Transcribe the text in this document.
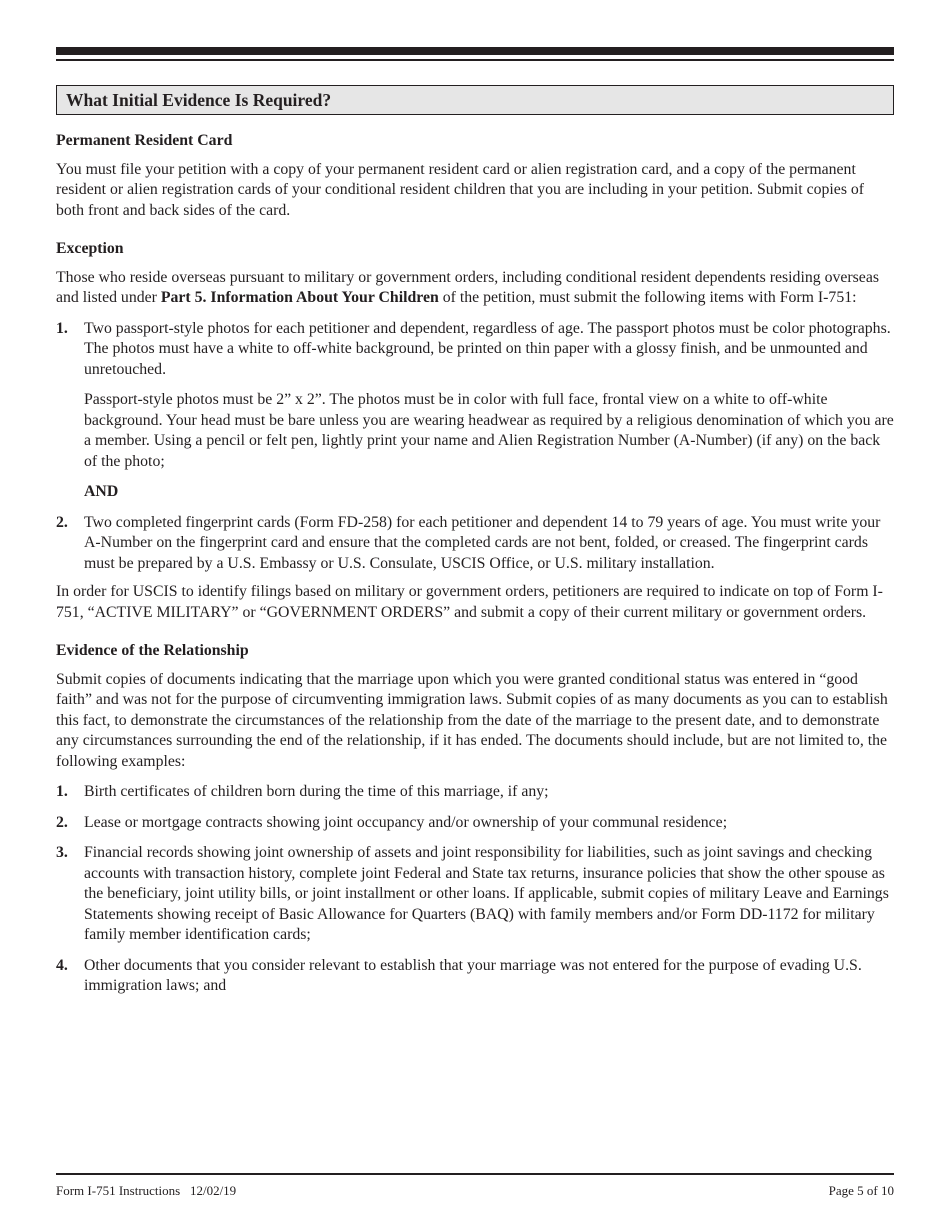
What Initial Evidence Is Required?
Permanent Resident Card

You must file your petition with a copy of your permanent resident card or alien registration card, and a copy of the permanent resident or alien registration cards of your conditional resident children that you are including in your petition. Submit copies of both front and back sides of the card.

Exception

Those who reside overseas pursuant to military or government orders, including conditional resident dependents residing overseas and listed under Part 5. Information About Your Children of the petition, must submit the following items with Form I-751:

1. Two passport-style photos for each petitioner and dependent, regardless of age. The passport photos must be color photographs. The photos must have a white to off-white background, be printed on thin paper with a glossy finish, and be unmounted and unretouched.
Passport-style photos must be 2” x 2”. The photos must be in color with full face, frontal view on a white to off-white background. Your head must be bare unless you are wearing headwear as required by a religious denomination of which you are a member. Using a pencil or felt pen, lightly print your name and Alien Registration Number (A-Number) (if any) on the back of the photo;
AND
2. Two completed fingerprint cards (Form FD-258) for each petitioner and dependent 14 to 79 years of age. You must write your A-Number on the fingerprint card and ensure that the completed cards are not bent, folded, or creased. The fingerprint cards must be prepared by a U.S. Embassy or U.S. Consulate, USCIS Office, or U.S. military installation.

In order for USCIS to identify filings based on military or government orders, petitioners are required to indicate on top of Form I-751, “ACTIVE MILITARY” or “GOVERNMENT ORDERS” and submit a copy of their current military or government orders.

Evidence of the Relationship

Submit copies of documents indicating that the marriage upon which you were granted conditional status was entered in “good faith” and was not for the purpose of circumventing immigration laws. Submit copies of as many documents as you can to establish this fact, to demonstrate the circumstances of the relationship from the date of the marriage to the present date, and to demonstrate any circumstances surrounding the end of the relationship, if it has ended. The documents should include, but are not limited to, the following examples:

1. Birth certificates of children born during the time of this marriage, if any;
2. Lease or mortgage contracts showing joint occupancy and/or ownership of your communal residence;
3. Financial records showing joint ownership of assets and joint responsibility for liabilities, such as joint savings and checking accounts with transaction history, complete joint Federal and State tax returns, insurance policies that show the other spouse as the beneficiary, joint utility bills, or joint installment or other loans. If applicable, submit copies of military Leave and Earnings Statements showing receipt of Basic Allowance for Quarters (BAQ) with family members and/or Form DD-1172 for military family member identification cards;
4. Other documents that you consider relevant to establish that your marriage was not entered for the purpose of evading U.S. immigration laws; and
Form I-751 Instructions   12/02/19	Page 5 of 10
